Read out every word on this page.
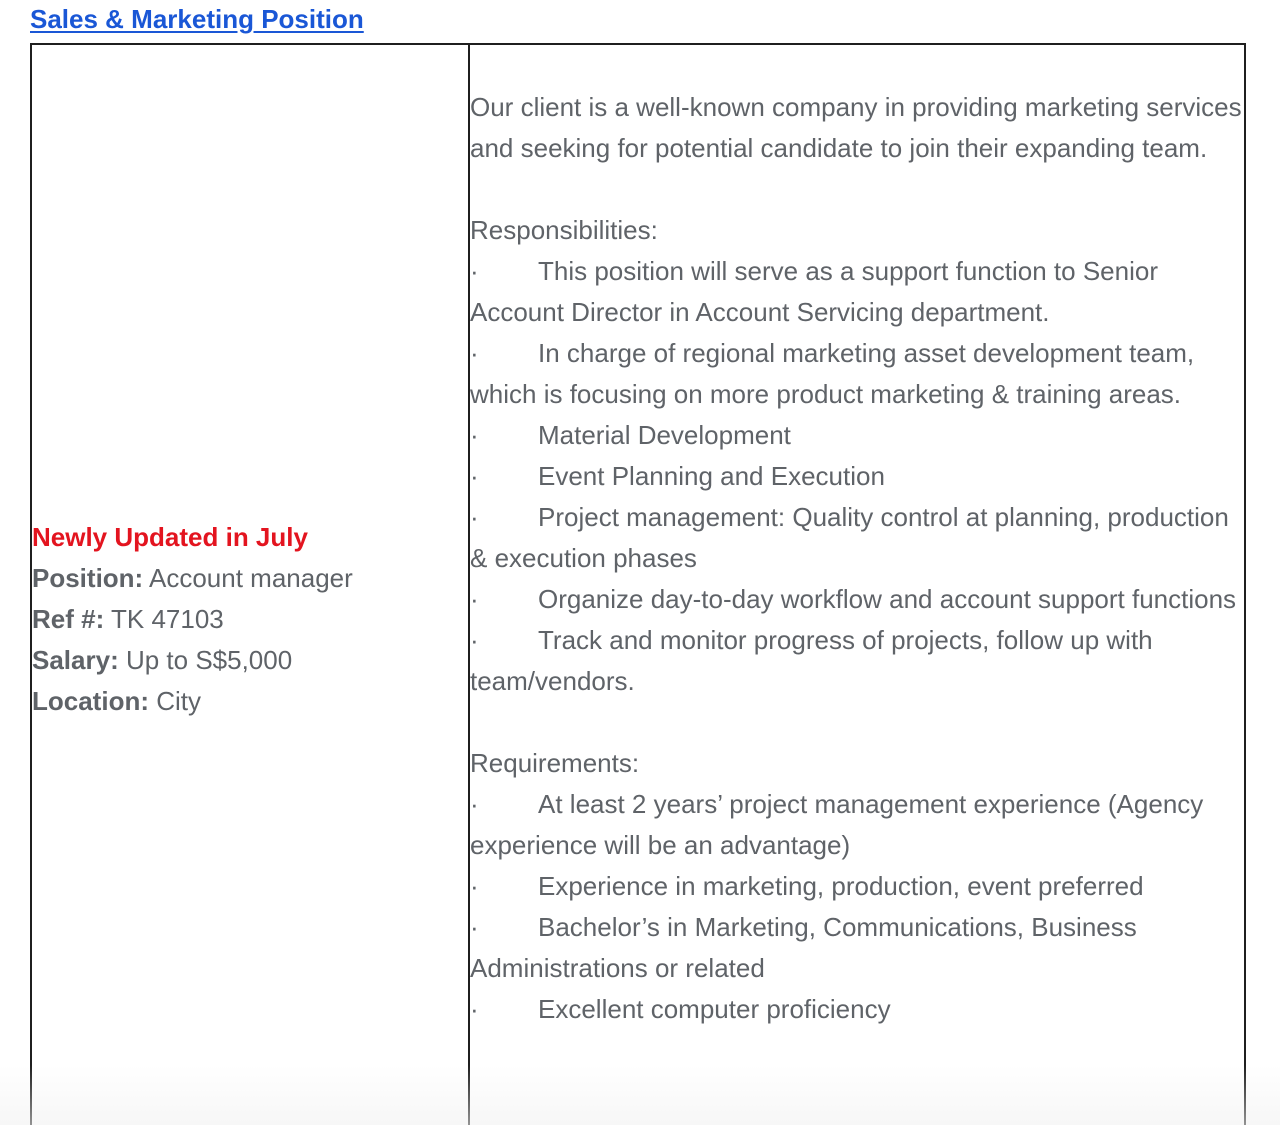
Sales & Marketing Position
Newly Updated in July
Position: Account manager
Ref #: TK 47103
Salary: Up to S$5,000
Location: City

Our client is a well-known company in providing marketing services and seeking for potential candidate to join their expanding team.

Responsibilities:

· This position will serve as a support function to Senior Account Director in Account Servicing department.

· In charge of regional marketing asset development team, which is focusing on more product marketing & training areas.

· Material Development

· Event Planning and Execution

· Project management: Quality control at planning, production & execution phases

· Organize day-to-day workflow and account support functions

· Track and monitor progress of projects, follow up with team/vendors.

Requirements:

· At least 2 years’ project management experience (Agency experience will be an advantage)

· Experience in marketing, production, event preferred

· Bachelor’s in Marketing, Communications, Business Administrations or related

· Excellent computer proficiency
